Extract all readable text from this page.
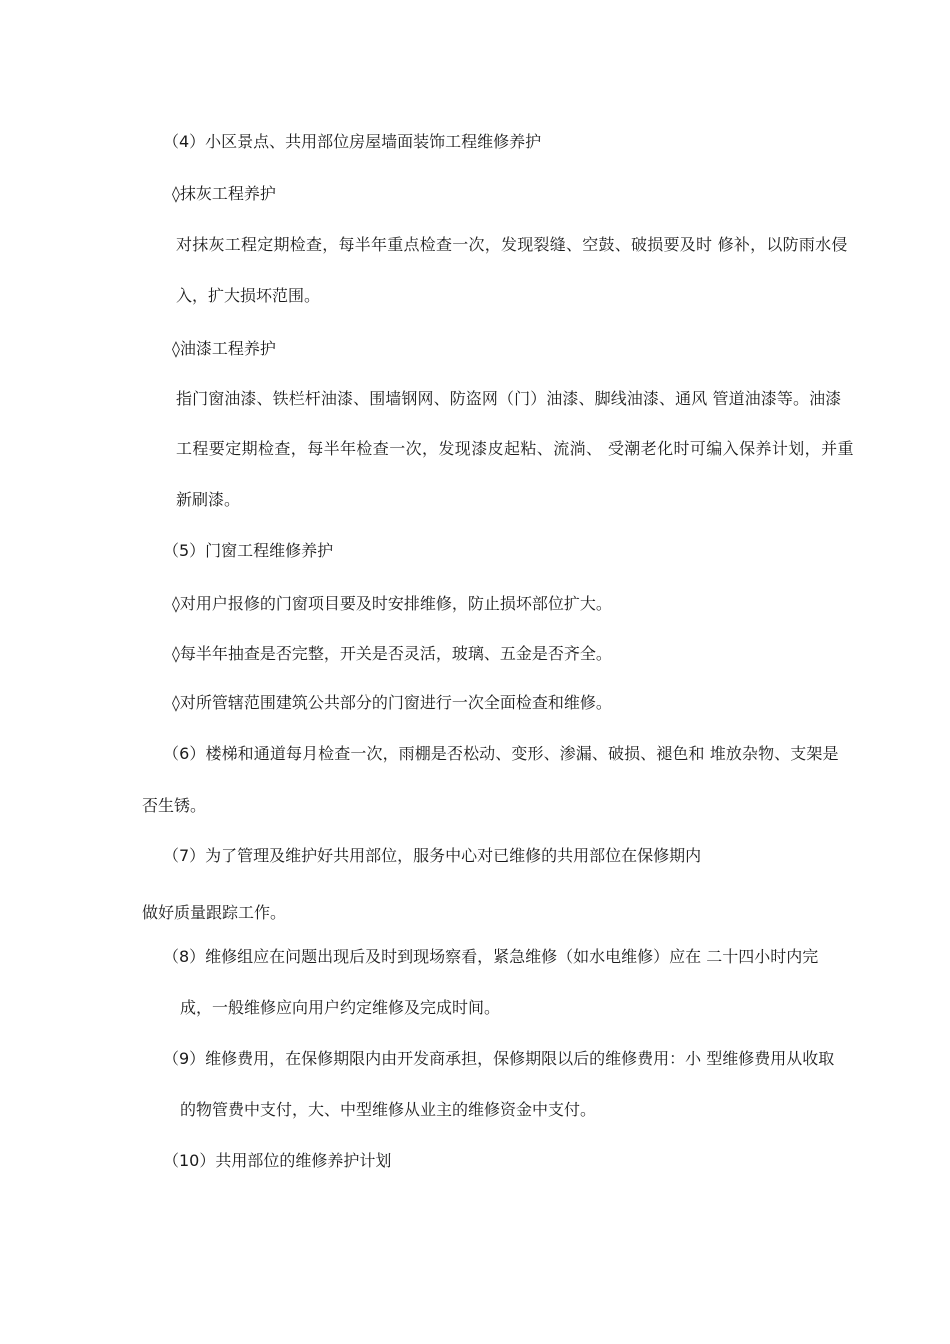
（4）小区景点、共用部位房屋墙面装饰工程维修养护
◊抹灰工程养护
对抹灰工程定期检查，每半年重点检查一次，发现裂缝、空鼓、破损要及时 修补，以防雨水侵
入，扩大损坏范围。
◊油漆工程养护
指门窗油漆、铁栏杆油漆、围墙钢网、防盗网（门）油漆、脚线油漆、通风 管道油漆等。油漆
工程要定期检查，每半年检查一次，发现漆皮起粘、流淌、 受潮老化时可编入保养计划，并重
新刷漆。
（5）门窗工程维修养护
◊对用户报修的门窗项目要及时安排维修，防止损坏部位扩大。
◊每半年抽查是否完整，开关是否灵活，玻璃、五金是否齐全。
◊对所管辖范围建筑公共部分的门窗进行一次全面检查和维修。
（6）楼梯和通道每月检查一次，雨棚是否松动、变形、渗漏、破损、褪色和 堆放杂物、支架是
否生锈。
（7）为了管理及维护好共用部位，服务中心对已维修的共用部位在保修期内
做好质量跟踪工作。
（8）维修组应在问题出现后及时到现场察看，紧急维修（如水电维修）应在 二十四小时内完
成，一般维修应向用户约定维修及完成时间。
（9）维修费用，在保修期限内由开发商承担，保修期限以后的维修费用：小 型维修费用从收取
的物管费中支付，大、中型维修从业主的维修资金中支付。
（10）共用部位的维修养护计划
